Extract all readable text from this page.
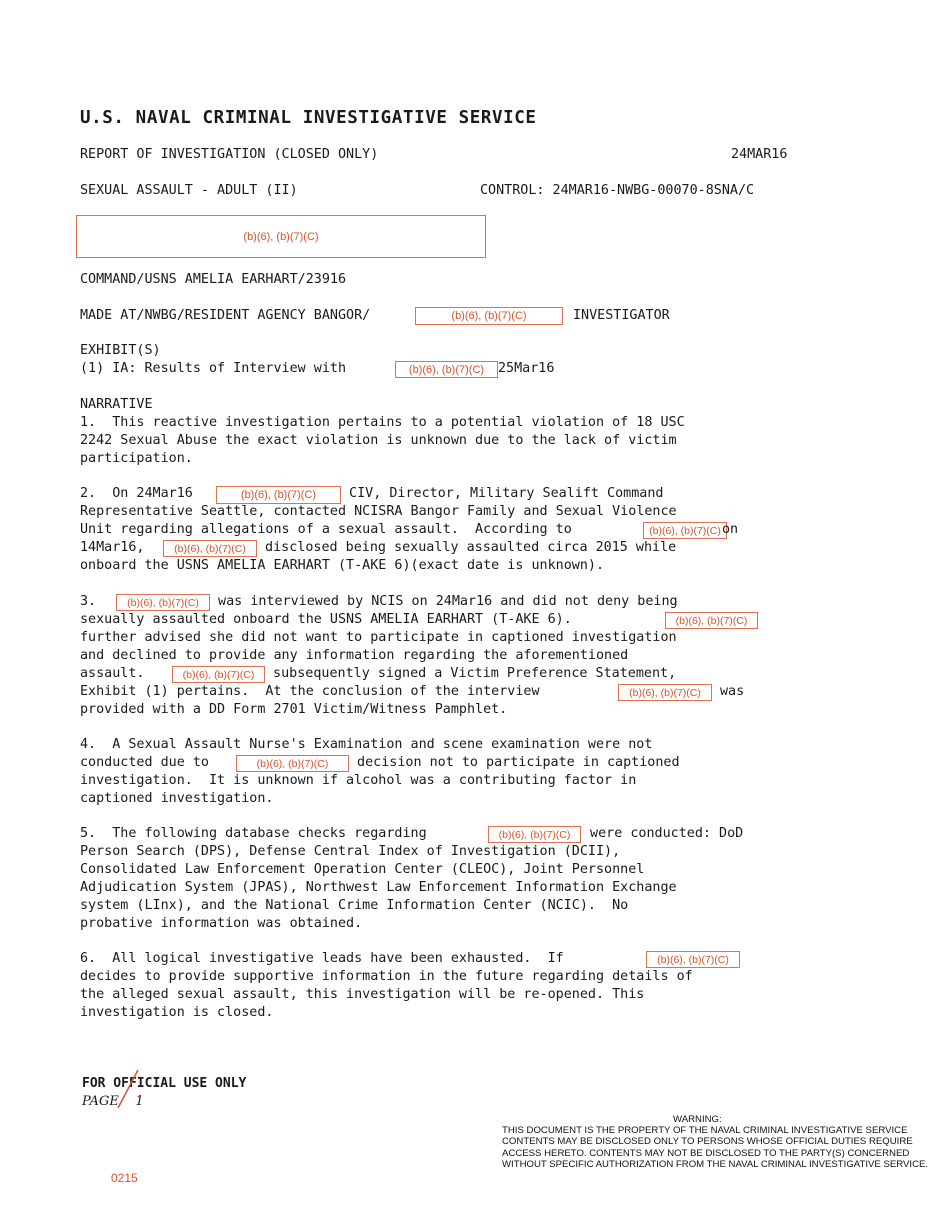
U.S. NAVAL CRIMINAL INVESTIGATIVE SERVICE
REPORT OF INVESTIGATION (CLOSED ONLY)	24MAR16
SEXUAL ASSAULT - ADULT (II)	CONTROL: 24MAR16-NWBG-00070-8SNA/C
(b)(6), (b)(7)(C)
COMMAND/USNS AMELIA EARHART/23916
MADE AT/NWBG/RESIDENT AGENCY BANGOR/	(b)(6), (b)(7)(C)	INVESTIGATOR
EXHIBIT(S)
(1) IA: Results of Interview with	(b)(6), (b)(7)(C)	25Mar16
NARRATIVE
1.  This reactive investigation pertains to a potential violation of 18 USC
2242 Sexual Abuse the exact violation is unknown due to the lack of victim
participation.
2.  On 24Mar16	(b)(6), (b)(7)(C)	CIV, Director, Military Sealift Command
Representative Seattle, contacted NCISRA Bangor Family and Sexual Violence
Unit regarding allegations of a sexual assault.  According to	(b)(6), (b)(7)(C) on
14Mar16,	(b)(6), (b)(7)(C) disclosed being sexually assaulted circa 2015 while
onboard the USNS AMELIA EARHART (T-AKE 6)(exact date is unknown).
3.	(b)(6), (b)(7)(C) was interviewed by NCIS on 24Mar16 and did not deny being
sexually assaulted onboard the USNS AMELIA EARHART (T-AKE 6).	(b)(6), (b)(7)(C)
further advised she did not want to participate in captioned investigation
and declined to provide any information regarding the aforementioned
assault.	(b)(6), (b)(7)(C) subsequently signed a Victim Preference Statement,
Exhibit (1) pertains.  At the conclusion of the interview	(b)(6), (b)(7)(C)	was
provided with a DD Form 2701 Victim/Witness Pamphlet.
4.  A Sexual Assault Nurse's Examination and scene examination were not
conducted due to	(b)(6), (b)(7)(C)	decision not to participate in captioned
investigation.  It is unknown if alcohol was a contributing factor in
captioned investigation.
5.  The following database checks regarding	(b)(6), (b)(7)(C) were conducted: DoD
Person Search (DPS), Defense Central Index of Investigation (DCII),
Consolidated Law Enforcement Operation Center (CLEOC), Joint Personnel
Adjudication System (JPAS), Northwest Law Enforcement Information Exchange
system (LInx), and the National Crime Information Center (NCIC).  No
probative information was obtained.
6.  All logical investigative leads have been exhausted.  If	(b)(6), (b)(7)(C)
decides to provide supportive information in the future regarding details of
the alleged sexual assault, this investigation will be re-opened. This
investigation is closed.
FOR OFFICIAL USE ONLY
PAGE    1
WARNING:
THIS DOCUMENT IS THE PROPERTY OF THE NAVAL CRIMINAL INVESTIGATIVE SERVICE
CONTENTS MAY BE DISCLOSED ONLY TO PERSONS WHOSE OFFICIAL DUTIES REQUIRE
ACCESS HERETO. CONTENTS MAY NOT BE DISCLOSED TO THE PARTY(S) CONCERNED
WITHOUT SPECIFIC AUTHORIZATION FROM THE NAVAL CRIMINAL INVESTIGATIVE SERVICE.
0215
